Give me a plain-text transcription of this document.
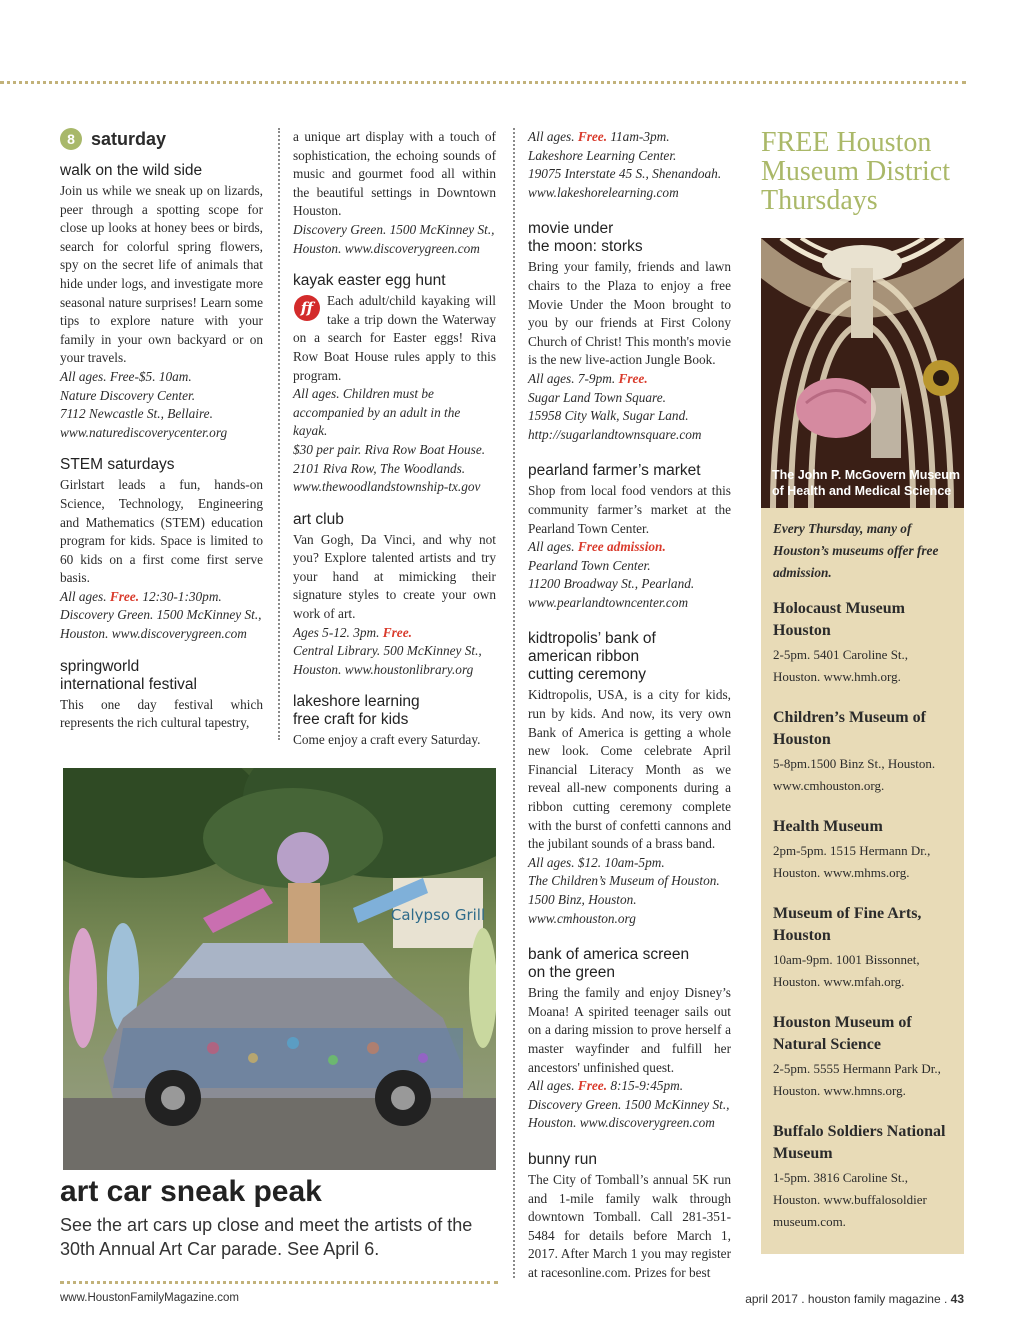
8 saturday
walk on the wild side

Join us while we sneak up on lizards, peer through a spotting scope for close up looks at honey bees or birds, search for colorful spring flowers, spy on the secret life of animals that hide under logs, and investigate more seasonal nature surprises! Learn some tips to explore nature with your family in your own backyard or on your travels.

All ages. Free-$5. 10am.

Nature Discovery Center.

7112 Newcastle St., Bellaire.

www.naturediscoverycenter.org

STEM saturdays

Girlstart leads a fun, hands-on Science, Technology, Engineering and Mathematics (STEM) education program for kids. Space is limited to 60 kids on a first come first serve basis.

All ages. Free. 12:30-1:30pm.

Discovery Green. 1500 McKinney St., Houston. www.discoverygreen.com

springworld
international festival

This one day festival which represents the rich cultural tapestry,

a unique art display with a touch of sophistication, the echoing sounds of music and gourmet food all within the beautiful settings in Downtown Houston.

Discovery Green. 1500 McKinney St., Houston. www.discoverygreen.com

kayak easter egg hunt

ff Each adult/child kayaking will take a trip down the Waterway on a search for Easter eggs! Riva Row Boat House rules apply to this program.

All ages. Children must be accompanied by an adult in the kayak.

$30 per pair. Riva Row Boat House. 2101 Riva Row, The Woodlands.

www.thewoodlandstownship-tx.gov

art club

Van Gogh, Da Vinci, and why not you? Explore talented artists and try your hand at mimicking their signature styles to create your own work of art.

Ages 5-12. 3pm. Free.

Central Library. 500 McKinney St., Houston. www.houstonlibrary.org

lakeshore learning
free craft for kids

Come enjoy a craft every Saturday.

All ages. Free. 11am-3pm.

Lakeshore Learning Center.

19075 Interstate 45 S., Shenandoah.

www.lakeshorelearning.com

movie under
the moon: storks

Bring your family, friends and lawn chairs to the Plaza to enjoy a free Movie Under the Moon brought to you by our friends at First Colony Church of Christ! This month's movie is the new live-action Jungle Book.

All ages. 7-9pm. Free.

Sugar Land Town Square.

15958 City Walk, Sugar Land.

http://sugarlandtownsquare.com

pearland farmer’s market

Shop from local food vendors at this community farmer’s market at the Pearland Town Center.

All ages. Free admission.

Pearland Town Center.

11200 Broadway St., Pearland.

www.pearlandtowncenter.com

kidtropolis’ bank of
american ribbon
cutting ceremony

Kidtropolis, USA, is a city for kids, run by kids. And now, its very own Bank of America is getting a whole new look. Come celebrate April Financial Literacy Month as we reveal all-new components during a ribbon cutting ceremony complete with the burst of confetti cannons and the jubilant sounds of a brass band.

All ages. $12. 10am-5pm.

The Children’s Museum of Houston.

1500 Binz, Houston.

www.cmhouston.org

bank of america screen
on the green

Bring the family and enjoy Disney’s Moana! A spirited teenager sails out on a daring mission to prove herself a master wayfinder and fulfill her ancestors' unfinished quest.

All ages. Free. 8:15-9:45pm.

Discovery Green. 1500 McKinney St., Houston. www.discoverygreen.com

bunny run

The City of Tomball’s annual 5K run and 1-mile family walk through downtown Tomball. Call 281-351-5484 for details before March 1, 2017. After March 1 you may register at racesonline.com. Prizes for best

Calypso Grill
art car sneak peak

See the art cars up close and meet the artists of the 30th Annual Art Car parade. See April 6.

FREE Houston Museum District Thursdays
The John P. McGovern Museum of Health and Medical Science

Every Thursday, many of Houston’s museums offer free admission.

Holocaust Museum Houston

2-5pm. 5401 Caroline St., Houston. www.hmh.org.

Children’s Museum of Houston

5-8pm.1500 Binz St., Houston. www.cmhouston.org.

Health Museum

2pm-5pm. 1515 Hermann Dr., Houston. www.mhms.org.

Museum of Fine Arts, Houston

10am-9pm. 1001 Bissonnet, Houston. www.mfah.org.

Houston Museum of Natural Science

2-5pm. 5555 Hermann Park Dr., Houston. www.hmns.org.

Buffalo Soldiers National Museum

1-5pm. 3816 Caroline St., Houston. www.buffalosoldier museum.com.

www.HoustonFamilyMagazine.com	april 2017 . houston family magazine . 43
